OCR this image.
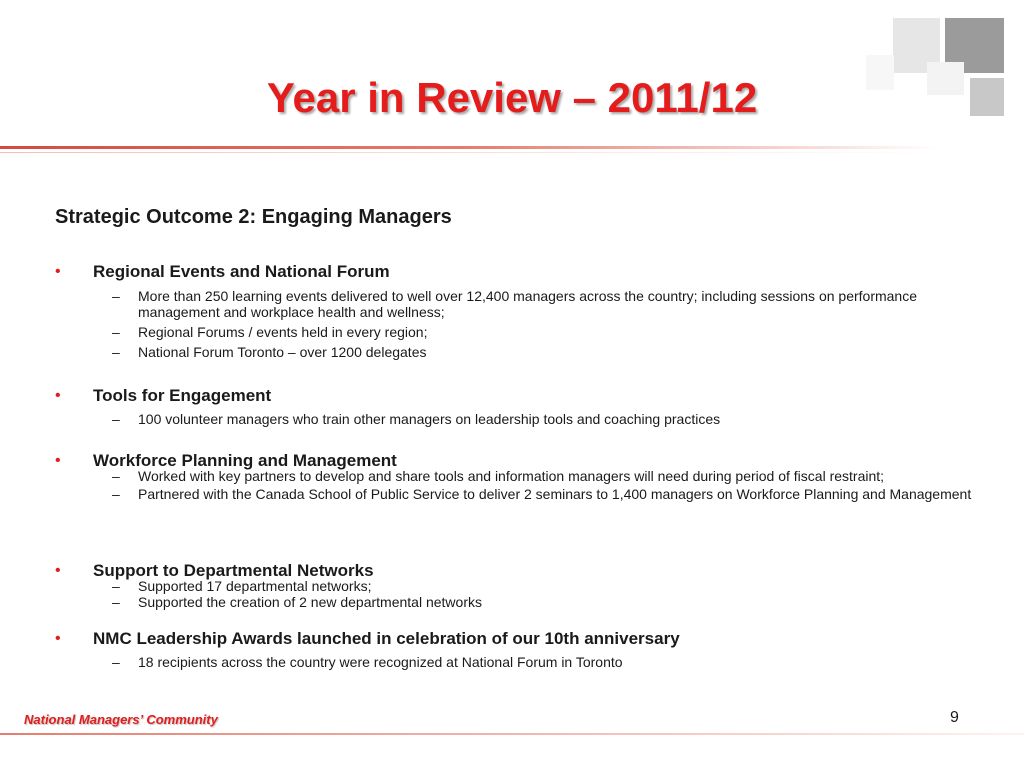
Year in Review – 2011/12
Strategic Outcome 2: Engaging Managers
•	Regional Events and National Forum
–	More than 250 learning events delivered to well over 12,400 managers across the country; including sessions on performance management and workplace health and wellness;
–	Regional Forums / events held in every region;
–	National Forum Toronto – over 1200 delegates
•	Tools for Engagement
–	100 volunteer managers who train other managers on leadership tools and coaching practices
•	Workforce Planning and Management
–	Worked with key partners to develop and share tools and information managers will need during period of fiscal restraint;
–	Partnered with the Canada School of Public Service to deliver 2 seminars to 1,400 managers on Workforce Planning and Management
•	Support to Departmental Networks
–	Supported 17 departmental networks;
–	Supported the creation of 2 new departmental networks
•	NMC Leadership Awards launched in celebration of our 10th anniversary
–	18 recipients across the country were recognized at National Forum in Toronto
National Managers’ Community	9
